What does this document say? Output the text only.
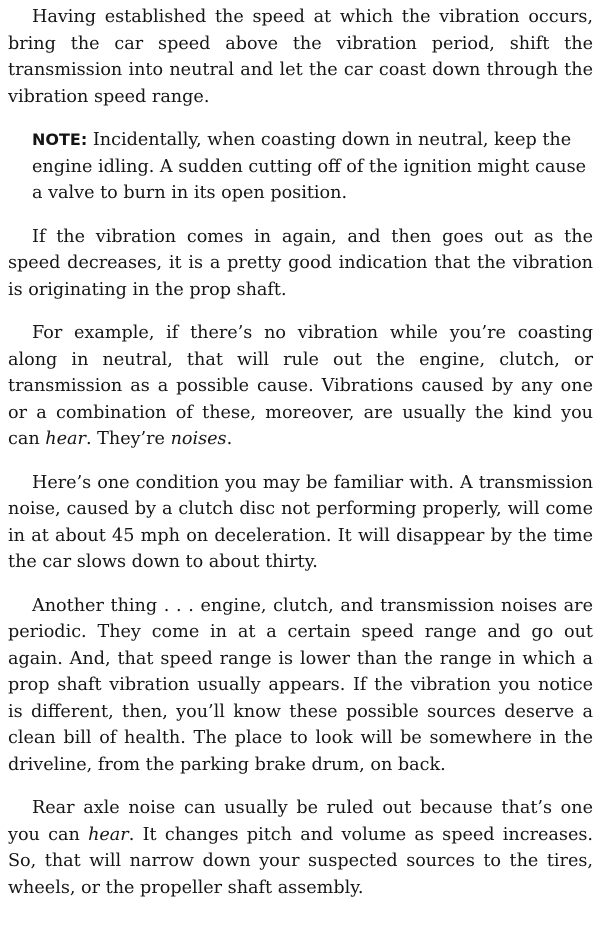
Having established the speed at which the vibration occurs, bring the car speed above the vibration period, shift the transmission into neutral and let the car coast down through the vibration speed range.

NOTE: Incidentally, when coasting down in neutral, keep the engine idling. A sudden cutting off of the ignition might cause a valve to burn in its open position.

If the vibration comes in again, and then goes out as the speed decreases, it is a pretty good indication that the vibration is originating in the prop shaft.

For example, if there’s no vibration while you’re coasting along in neutral, that will rule out the engine, clutch, or transmission as a possible cause. Vibrations caused by any one or a combination of these, moreover, are usually the kind you can hear. They’re noises.

Here’s one condition you may be familiar with. A transmission noise, caused by a clutch disc not performing properly, will come in at about 45 mph on deceleration. It will disappear by the time the car slows down to about thirty.

Another thing . . . engine, clutch, and transmission noises are periodic. They come in at a certain speed range and go out again. And, that speed range is lower than the range in which a prop shaft vibration usually appears. If the vibration you notice is different, then, you’ll know these possible sources deserve a clean bill of health. The place to look will be somewhere in the driveline, from the parking brake drum, on back.

Rear axle noise can usually be ruled out because that’s one you can hear. It changes pitch and volume as speed increases. So, that will narrow down your suspected sources to the tires, wheels, or the propeller shaft assembly.
